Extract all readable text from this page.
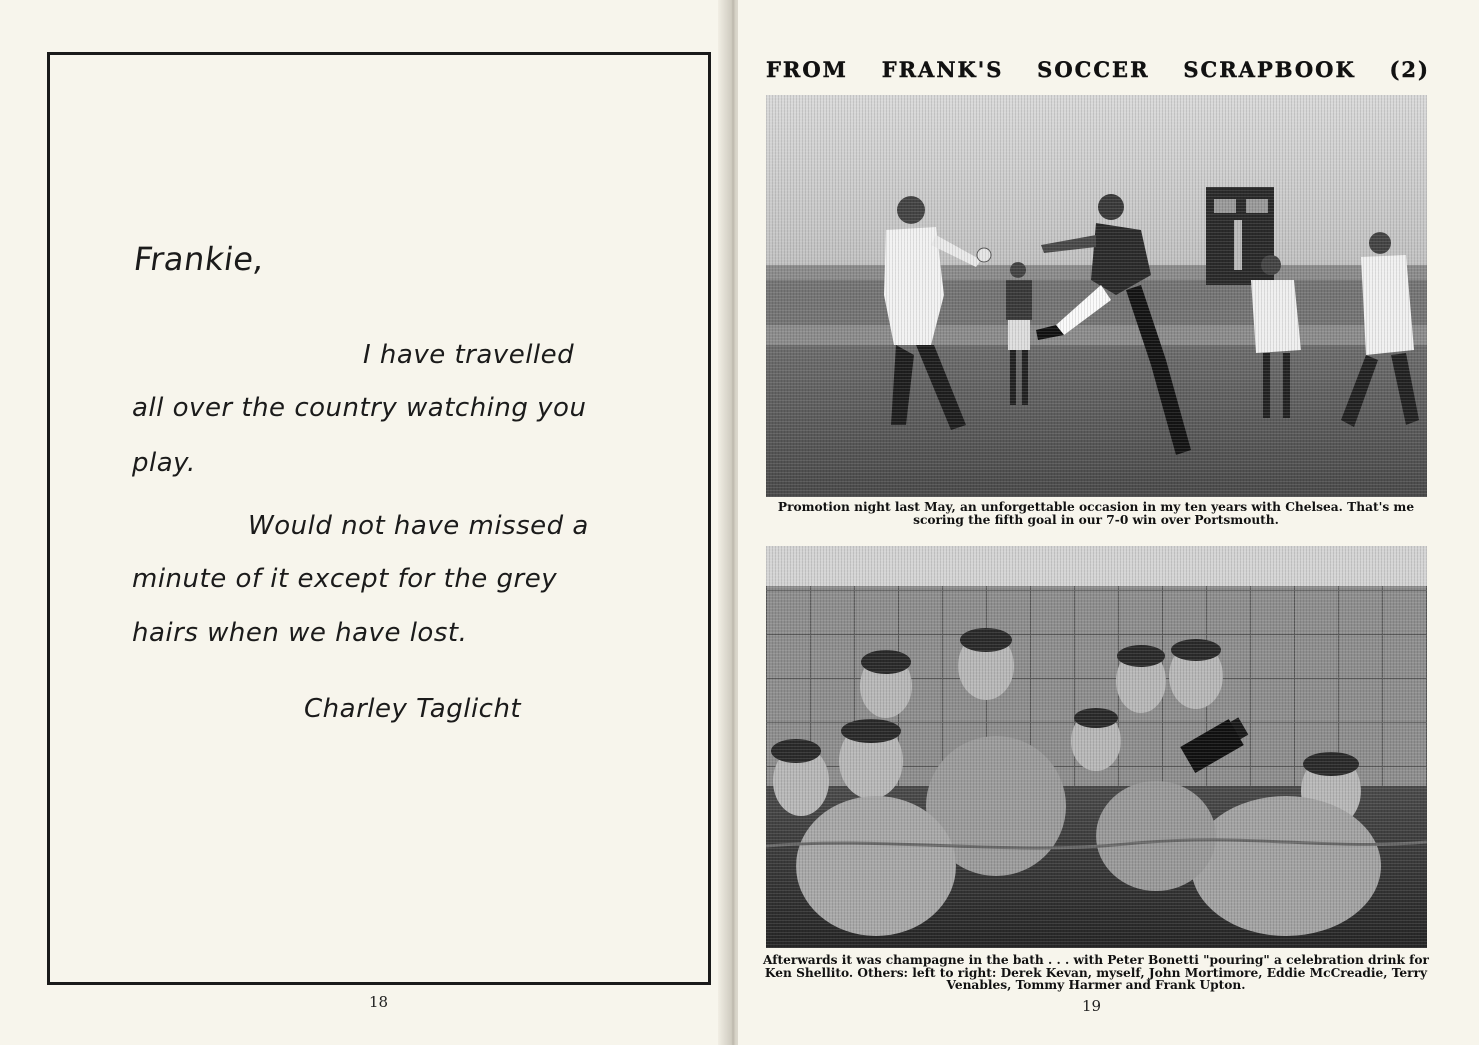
Frankie,
I have travelled
all over the country watching you
play.
Would not have missed a
minute of it except for the grey
hairs when we have lost.
Charley Taglicht
18
FROM FRANK'S SOCCER SCRAPBOOK (2)
Promotion night last May, an unforgettable occasion in my ten years with Chelsea. That's me scoring the fifth goal in our 7-0 win over Portsmouth.
Afterwards it was champagne in the bath . . . with Peter Bonetti "pouring" a celebration drink for Ken Shellito. Others: left to right: Derek Kevan, myself, John Mortimore, Eddie McCreadie, Terry Venables, Tommy Harmer and Frank Upton.
19
